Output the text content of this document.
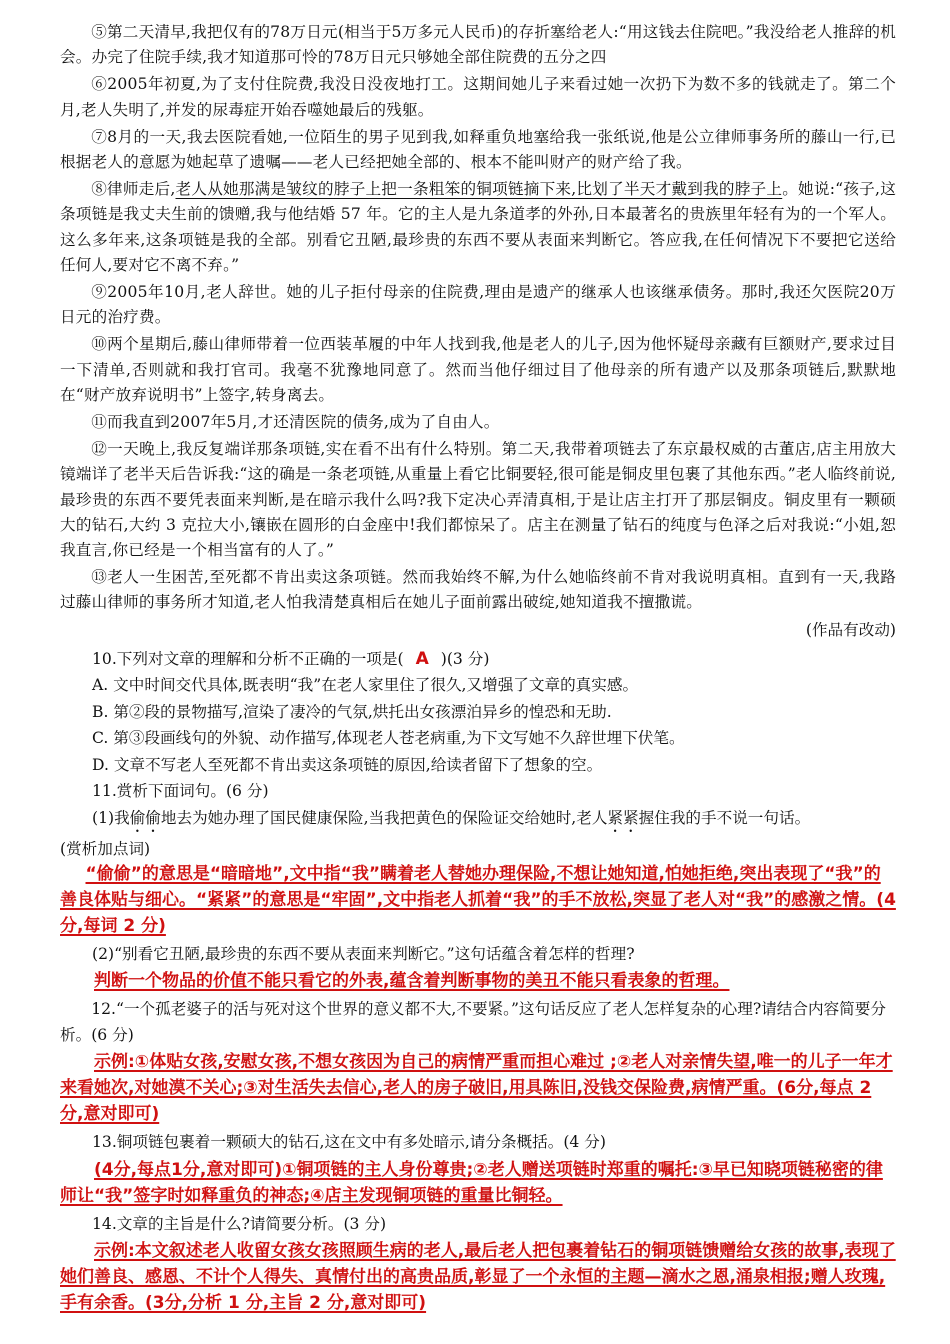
⑤第二天清早,我把仅有的78万日元(相当于5万多元人民币)的存折塞给老人:“用这钱去住院吧。”我没给老人推辞的机会。办完了住院手续,我才知道那可怜的78万日元只够她全部住院费的五分之四

⑥2005年初夏,为了支付住院费,我没日没夜地打工。这期间她儿子来看过她一次扔下为数不多的钱就走了。第二个月,老人失明了,并发的尿毒症开始吞噬她最后的残躯。

⑦8月的一天,我去医院看她,一位陌生的男子见到我,如释重负地塞给我一张纸说,他是公立律师事务所的藤山一行,已根据老人的意愿为她起草了遗嘱——老人已经把她全部的、根本不能叫财产的财产给了我。

⑧律师走后,老人从她那满是皱纹的脖子上把一条粗笨的铜项链摘下来,比划了半天才戴到我的脖子上。她说:“孩子,这条项链是我丈夫生前的馈赠,我与他结婚 57 年。它的主人是九条道孝的外孙,日本最著名的贵族里年轻有为的一个军人。这么多年来,这条项链是我的全部。别看它丑陋,最珍贵的东西不要从表面来判断它。答应我,在任何情况下不要把它送给任何人,要对它不离不弃。”

⑨2005年10月,老人辞世。她的儿子拒付母亲的住院费,理由是遗产的继承人也该继承债务。那时,我还欠医院20万日元的治疗费。

⑩两个星期后,藤山律师带着一位西装革履的中年人找到我,他是老人的儿子,因为他怀疑母亲藏有巨额财产,要求过目一下清单,否则就和我打官司。我毫不犹豫地同意了。然而当他仔细过目了他母亲的所有遗产以及那条项链后,默默地在“财产放弃说明书”上签字,转身离去。

⑪而我直到2007年5月,才还清医院的债务,成为了自由人。

⑫一天晚上,我反复端详那条项链,实在看不出有什么特别。第二天,我带着项链去了东京最权威的古董店,店主用放大镜端详了老半天后告诉我:“这的确是一条老项链,从重量上看它比铜要轻,很可能是铜皮里包裹了其他东西。”老人临终前说,最珍贵的东西不要凭表面来判断,是在暗示我什么吗?我下定决心弄清真相,于是让店主打开了那层铜皮。铜皮里有一颗硕大的钻石,大约 3 克拉大小,镶嵌在圆形的白金座中!我们都惊呆了。店主在测量了钻石的纯度与色泽之后对我说:“小姐,恕我直言,你已经是一个相当富有的人了。”

⑬老人一生困苦,至死都不肯出卖这条项链。然而我始终不解,为什么她临终前不肯对我说明真相。直到有一天,我路过藤山律师的事务所才知道,老人怕我清楚真相后在她儿子面前露出破绽,她知道我不擅撒谎。

(作品有改动)

10.下列对文章的理解和分析不正确的一项是( A )(3 分)

A. 文中时间交代具体,既表明“我”在老人家里住了很久,又增强了文章的真实感。

B. 第②段的景物描写,渲染了凄冷的气氛,烘托出女孩漂泊异乡的惶恐和无助.

C. 第③段画线句的外貌、动作描写,体现老人苍老病重,为下文写她不久辞世埋下伏笔。

D. 文章不写老人至死都不肯出卖这条项链的原因,给读者留下了想象的空。

11.赏析下面词句。(6 分)

(1)我偷偷地去为她办理了国民健康保险,当我把黄色的保险证交给她时,老人紧紧握住我的手不说一句话。

(赏析加点词)

“偷偷”的意思是“暗暗地”,文中指“我”瞒着老人替她办理保险,不想让她知道,怕她拒绝,突出表现了“我”的善良体贴与细心。“紧紧”的意思是“牢固”,文中指老人抓着“我”的手不放松,突显了老人对“我”的感激之情。(4分,每词 2 分)

(2)“别看它丑陋,最珍贵的东西不要从表面来判断它。”这句话蕴含着怎样的哲理?

判断一个物品的价值不能只看它的外表,蕴含着判断事物的美丑不能只看表象的哲理。

12.“一个孤老婆子的活与死对这个世界的意义都不大,不要紧。”这句话反应了老人怎样复杂的心理?请结合内容简要分析。(6 分)

示例:①体贴女孩,安慰女孩,不想女孩因为自己的病情严重而担心难过 ;②老人对亲情失望,唯一的儿子一年才来看她次,对她漠不关心;③对生活失去信心,老人的房子破旧,用具陈旧,没钱交保险费,病情严重。(6分,每点 2 分,意对即可)

13.铜项链包裹着一颗硕大的钻石,这在文中有多处暗示,请分条概括。(4 分)

(4分,每点1分,意对即可)①铜项链的主人身份尊贵;②老人赠送项链时郑重的嘱托:③早已知晓项链秘密的律师让“我”签字时如释重负的神态;④店主发现铜项链的重量比铜轻。

14.文章的主旨是什么?请简要分析。(3 分)

示例:本文叙述老人收留女孩女孩照顾生病的老人,最后老人把包裹着钻石的铜项链馈赠给女孩的故事,表现了她们善良、感恩、不计个人得失、真情付出的高贵品质,彰显了一个永恒的主题—滴水之恩,涌泉相报;赠人玫瑰,手有余香。(3分,分析 1 分,主旨 2 分,意对即可)
